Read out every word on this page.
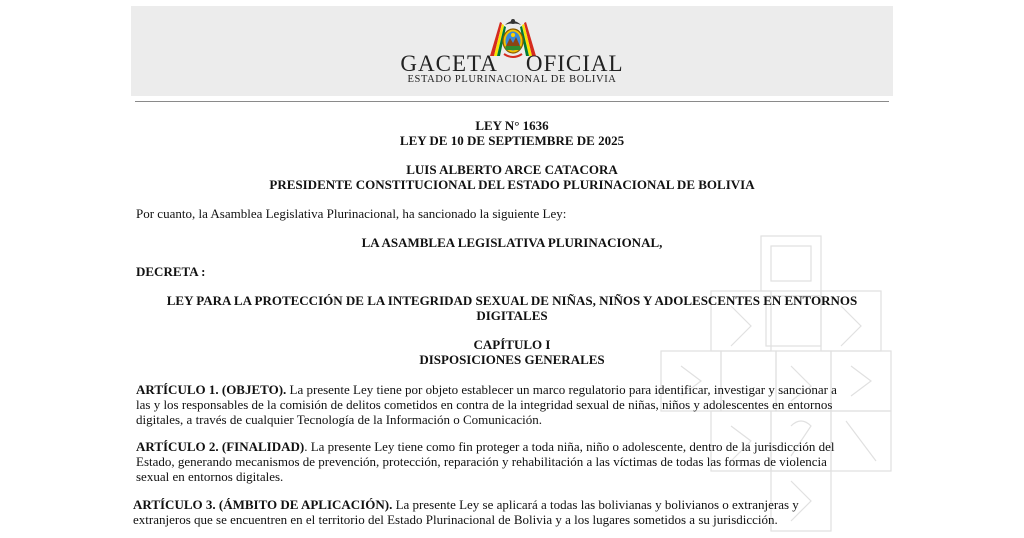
GACETA OFICIAL
ESTADO PLURINACIONAL DE BOLIVIA
LEY N° 1636
LEY DE 10 DE SEPTIEMBRE DE 2025
LUIS ALBERTO ARCE CATACORA
PRESIDENTE CONSTITUCIONAL DEL ESTADO PLURINACIONAL DE BOLIVIA
Por cuanto, la Asamblea Legislativa Plurinacional, ha sancionado la siguiente Ley:
LA ASAMBLEA LEGISLATIVA PLURINACIONAL,
DECRETA :
LEY PARA LA PROTECCIÓN DE LA INTEGRIDAD SEXUAL DE NIÑAS, NIÑOS Y ADOLESCENTES EN ENTORNOS
DIGITALES
CAPÍTULO I
DISPOSICIONES GENERALES
ARTÍCULO 1. (OBJETO). La presente Ley tiene por objeto establecer un marco regulatorio para identificar, investigar y sancionar a
las y los responsables de la comisión de delitos cometidos en contra de la integridad sexual de niñas, niños y adolescentes en entornos
digitales, a través de cualquier Tecnología de la Información o Comunicación.
ARTÍCULO 2. (FINALIDAD). La presente Ley tiene como fin proteger a toda niña, niño o adolescente, dentro de la jurisdicción del
Estado, generando mecanismos de prevención, protección, reparación y rehabilitación a las víctimas de todas las formas de violencia
sexual en entornos digitales.
ARTÍCULO 3. (ÁMBITO DE APLICACIÓN). La presente Ley se aplicará a todas las bolivianas y bolivianos o extranjeras y
extranjeros que se encuentren en el territorio del Estado Plurinacional de Bolivia y a los lugares sometidos a su jurisdicción.
